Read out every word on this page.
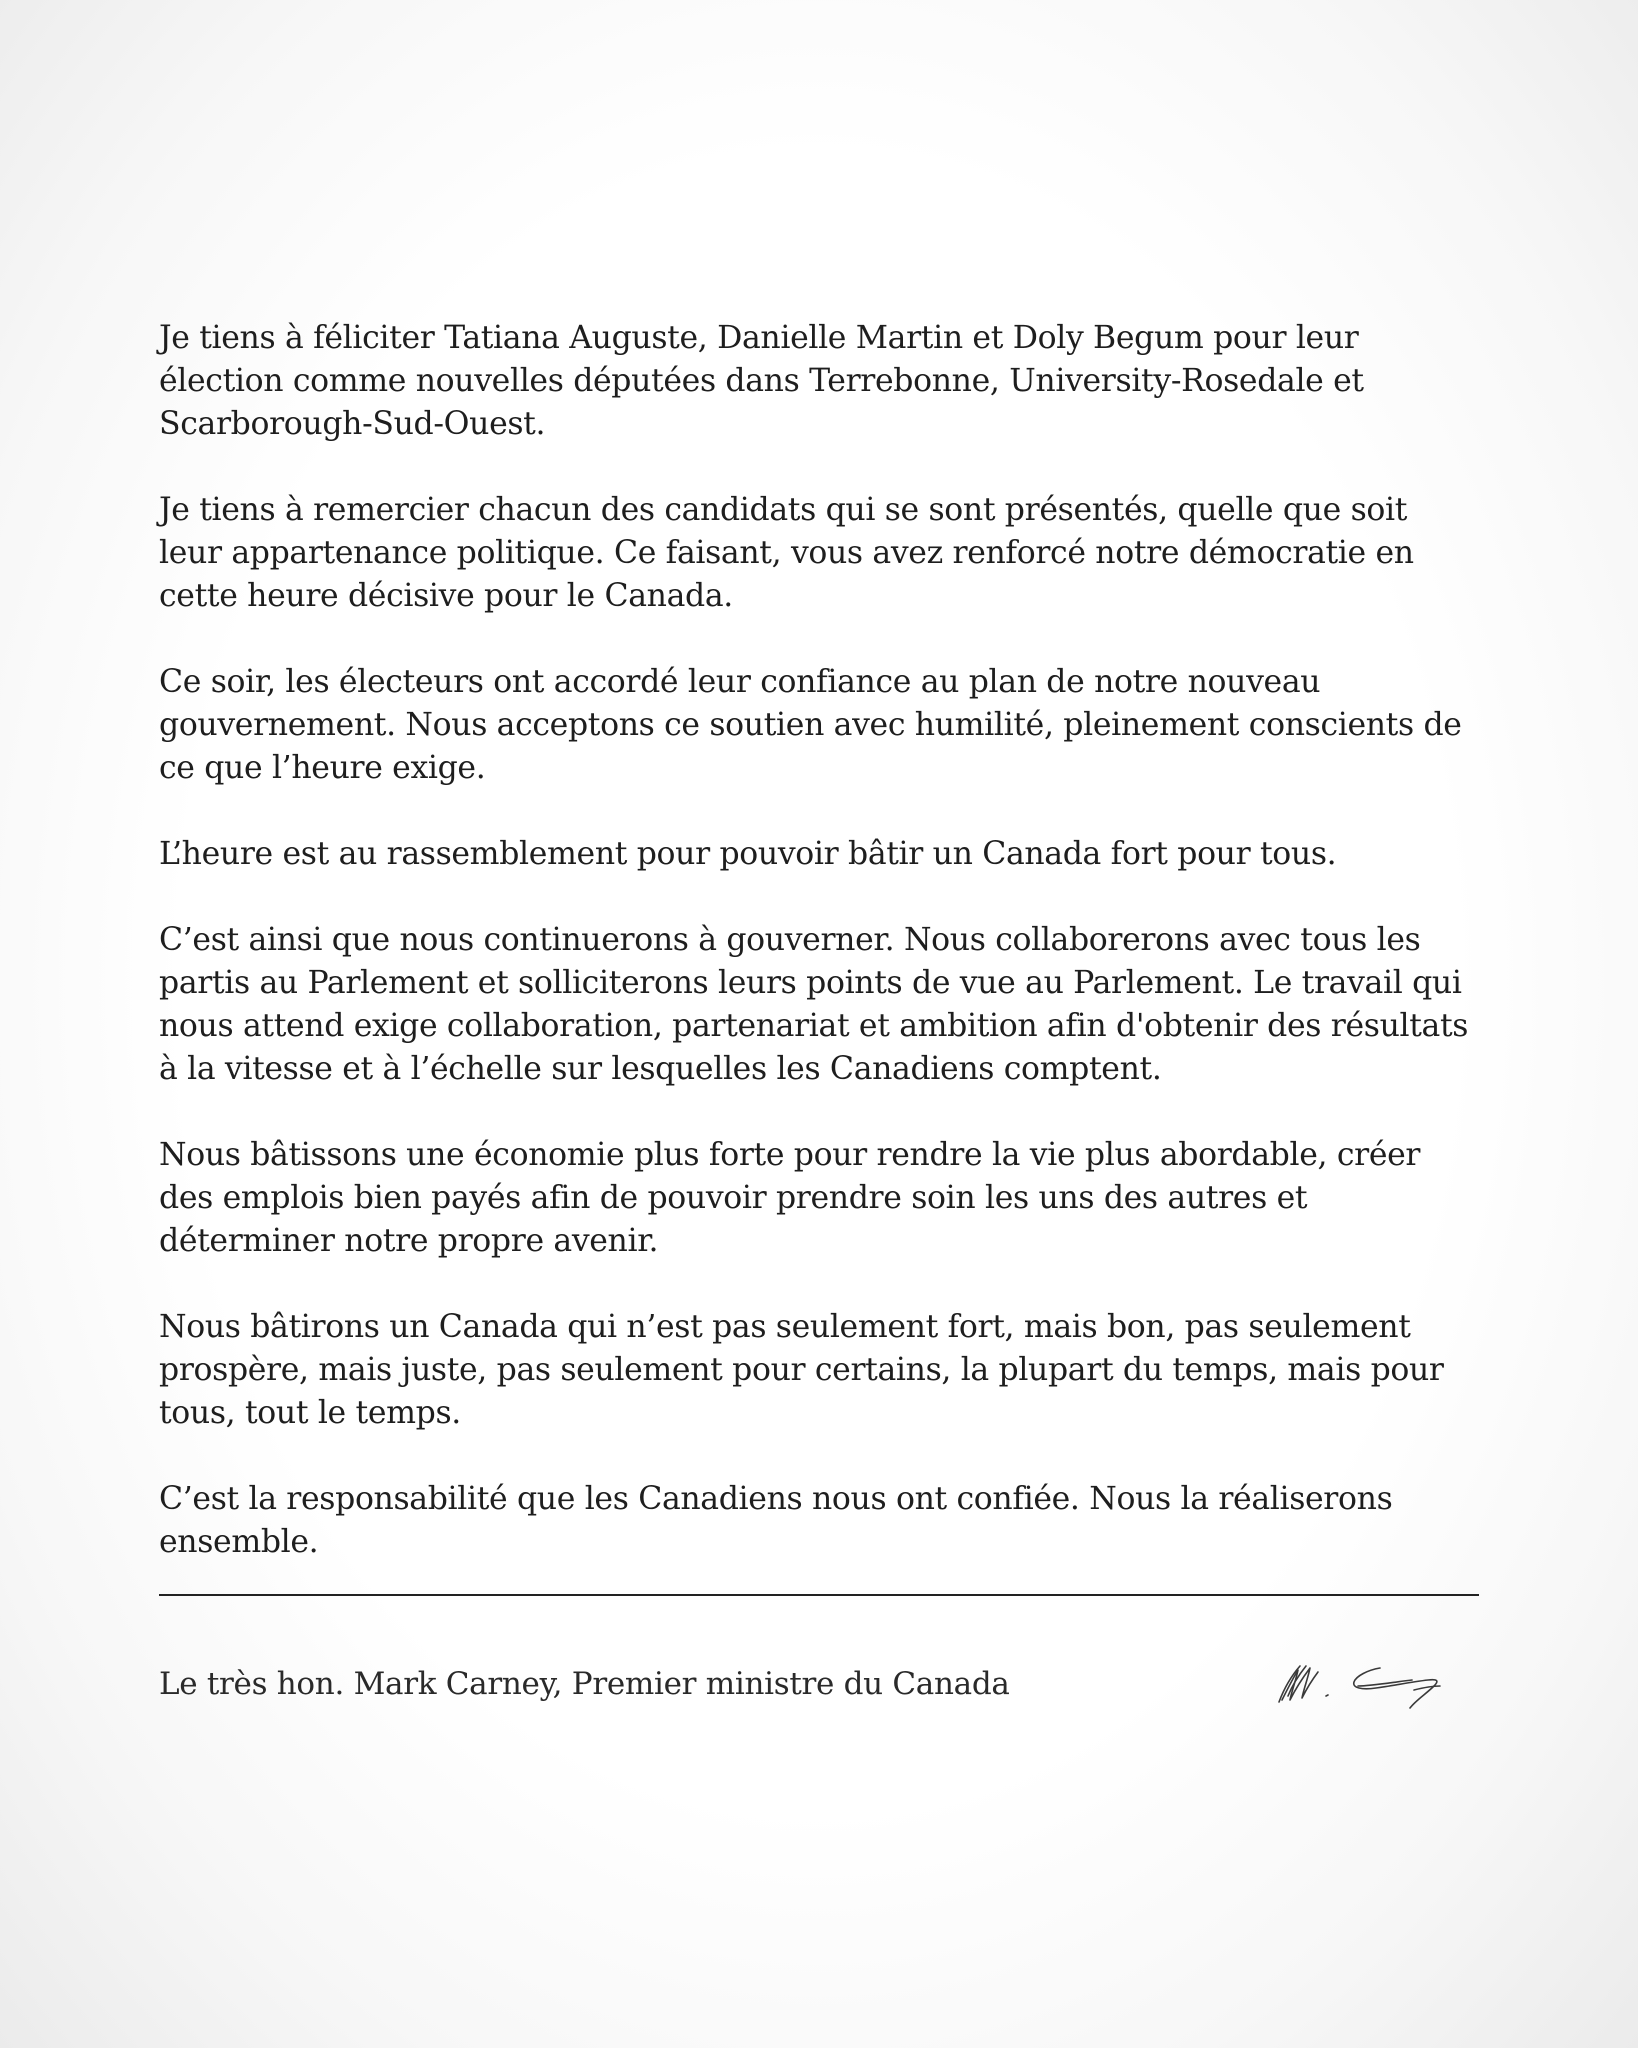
Je tiens à féliciter Tatiana Auguste, Danielle Martin et Doly Begum pour leur élection comme nouvelles députées dans Terrebonne, University-Rosedale et Scarborough-Sud-Ouest.

Je tiens à remercier chacun des candidats qui se sont présentés, quelle que soit leur appartenance politique. Ce faisant, vous avez renforcé notre démocratie en cette heure décisive pour le Canada.

Ce soir, les électeurs ont accordé leur confiance au plan de notre nouveau gouvernement. Nous acceptons ce soutien avec humilité, pleinement conscients de ce que l’heure exige.

L’heure est au rassemblement pour pouvoir bâtir un Canada fort pour tous.

C’est ainsi que nous continuerons à gouverner. Nous collaborerons avec tous les partis au Parlement et solliciterons leurs points de vue au Parlement. Le travail qui nous attend exige collaboration, partenariat et ambition afin d'obtenir des résultats à la vitesse et à l’échelle sur lesquelles les Canadiens comptent.

Nous bâtissons une économie plus forte pour rendre la vie plus abordable, créer des emplois bien payés afin de pouvoir prendre soin les uns des autres et déterminer notre propre avenir.

Nous bâtirons un Canada qui n’est pas seulement fort, mais bon, pas seulement prospère, mais juste, pas seulement pour certains, la plupart du temps, mais pour tous, tout le temps.

C’est la responsabilité que les Canadiens nous ont confiée. Nous la réaliserons ensemble.

Le très hon. Mark Carney, Premier ministre du Canada
